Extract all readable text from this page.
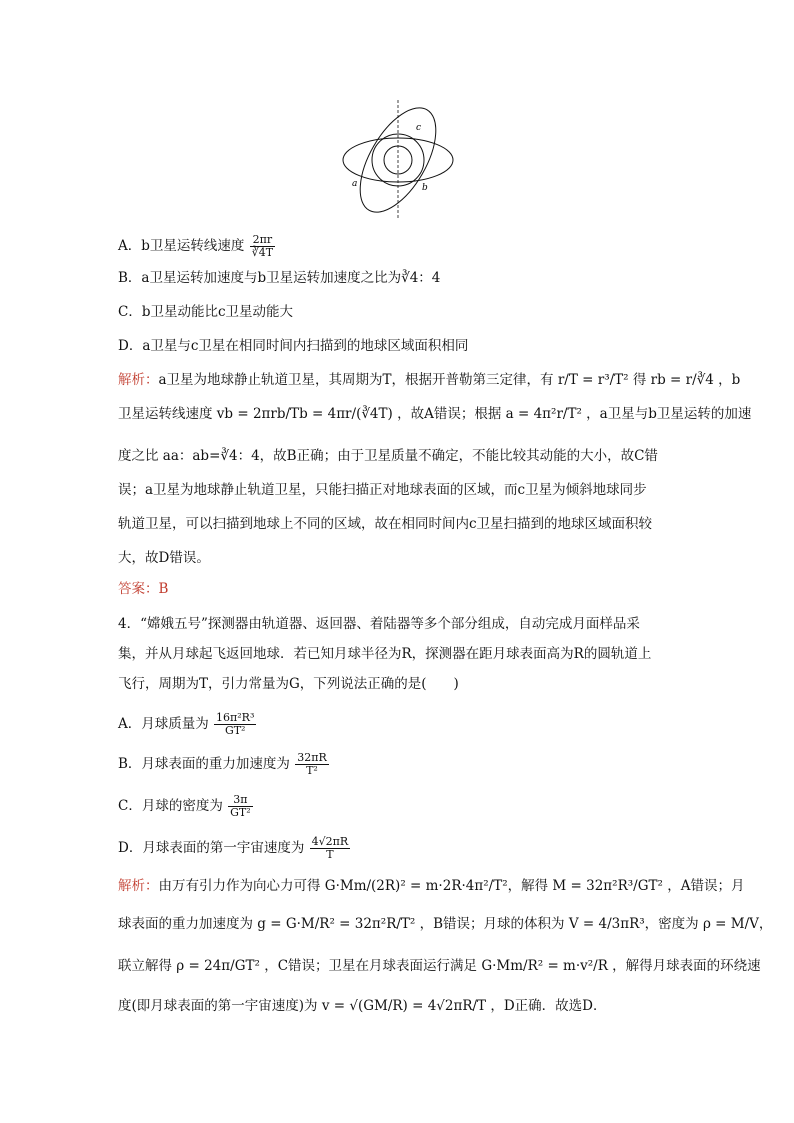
a	b
c
A．b卫星运转线速度 $\frac{2\pi r}{∛4T}$
B．a卫星运转加速度与b卫星运转加速度之比为∛4：4
C．b卫星动能比c卫星动能大
D．a卫星与c卫星在相同时间内扫描到的地球区域面积相同
解析：a卫星为地球静止轨道卫星，其周期为T，根据开普勒第三定律，有 r/T = r³/T² 得 rb = r/∛4 ，b
卫星运转线速度 vb = 2πrb/Tb = 4πr/(∛4T) ，故A错误；根据 a = 4π²r/T² ，a卫星与b卫星运转的加速
度之比 aa：ab=∛4：4，故B正确；由于卫星质量不确定，不能比较其动能的大小，故C错
误；a卫星为地球静止轨道卫星，只能扫描正对地球表面的区域，而c卫星为倾斜地球同步
轨道卫星，可以扫描到地球上不同的区域，故在相同时间内c卫星扫描到的地球区域面积较
大，故D错误。
答案：B
4．“嫦娥五号”探测器由轨道器、返回器、着陆器等多个部分组成，自动完成月面样品采
集，并从月球起飞返回地球．若已知月球半径为R，探测器在距月球表面高为R的圆轨道上
飞行，周期为T，引力常量为G，下列说法正确的是(　　)
A．月球质量为 $\frac{\text{16π²R³}}{\text{GT²}}$
B．月球表面的重力加速度为 $\frac{32\pi R}{\text{T²}}$
C．月球的密度为 $\frac{3\pi}{\text{GT²}}$
D．月球表面的第一宇宙速度为 $\frac{4√2\pi R}{T}$
解析：由万有引力作为向心力可得 G·Mm/(2R)² = m·2R·4π²/T²，解得 M = 32π²R³/GT² ，A错误；月
球表面的重力加速度为 g = G·M/R² = 32π²R/T² ，B错误；月球的体积为 V = 4/3πR³，密度为 ρ = M/V，
联立解得 ρ = 24π/GT² ，C错误；卫星在月球表面运行满足 G·Mm/R² = m·v²/R ，解得月球表面的环绕速
度(即月球表面的第一宇宙速度)为 v = √(GM/R) = 4√2πR/T ，D正确．故选D．
